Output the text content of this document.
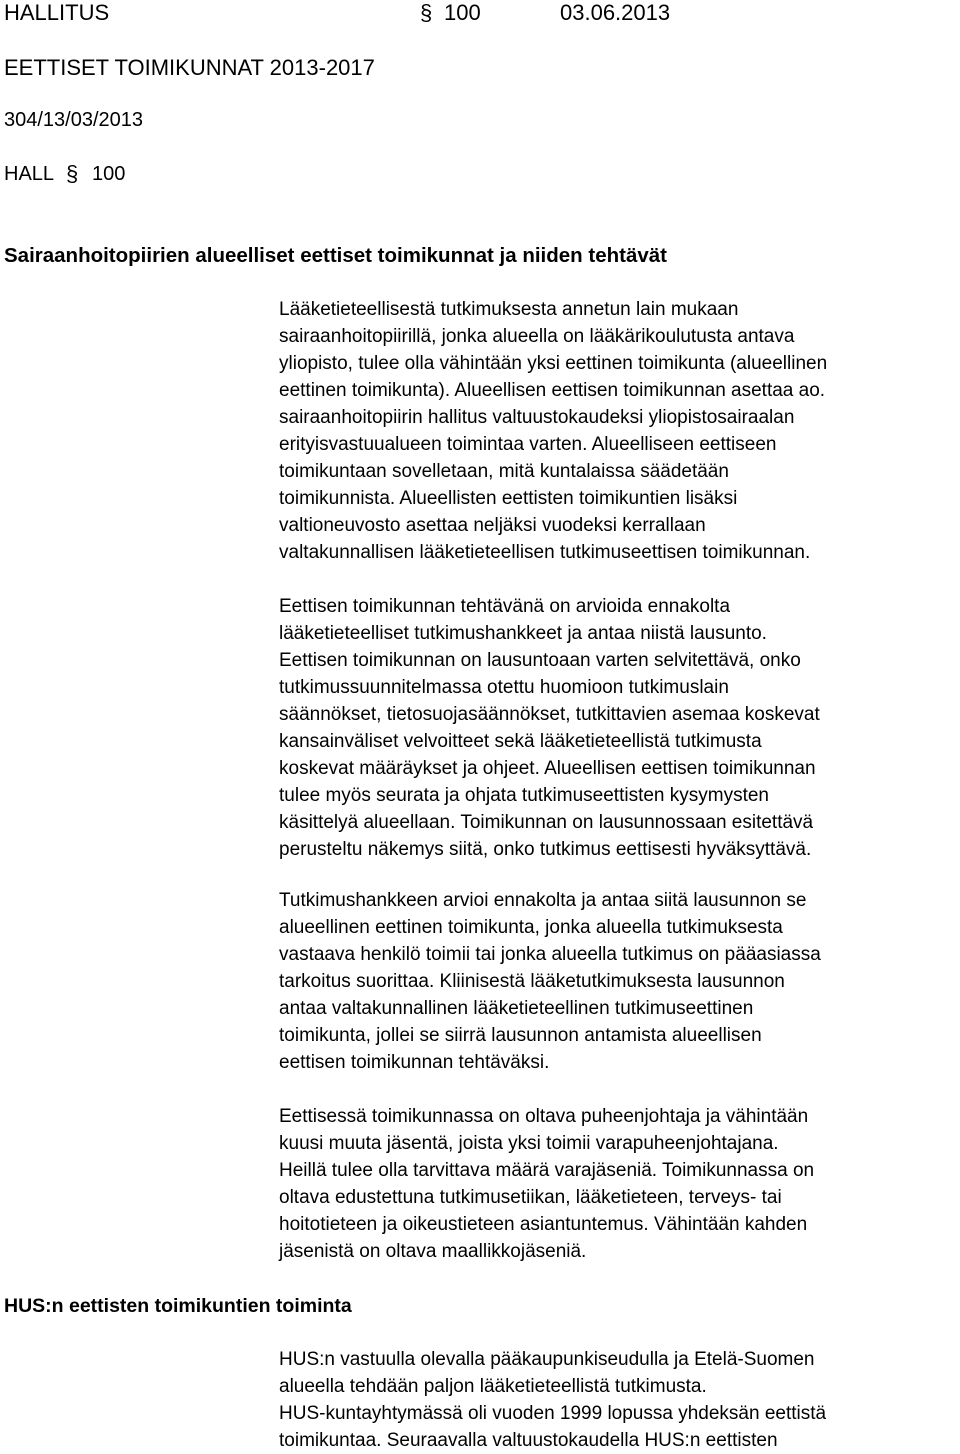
HALLITUS	§ 100	03.06.2013
EETTISET TOIMIKUNNAT 2013-2017
304/13/03/2013
HALL § 100
Sairaanhoitopiirien alueelliset eettiset toimikunnat ja niiden tehtävät

Lääketieteellisestä tutkimuksesta annetun lain mukaan
sairaanhoitopiirillä, jonka alueella on lääkärikoulutusta antava
yliopisto, tulee olla vähintään yksi eettinen toimikunta (alueellinen
eettinen toimikunta). Alueellisen eettisen toimikunnan asettaa ao.
sairaanhoitopiirin hallitus valtuustokaudeksi yliopistosairaalan
erityisvastuualueen toimintaa varten. Alueelliseen eettiseen
toimikuntaan sovelletaan, mitä kuntalaissa säädetään
toimikunnista. Alueellisten eettisten toimikuntien lisäksi
valtioneuvosto asettaa neljäksi vuodeksi kerrallaan
valtakunnallisen lääketieteellisen tutkimuseettisen toimikunnan.

Eettisen toimikunnan tehtävänä on arvioida ennakolta
lääketieteelliset tutkimushankkeet ja antaa niistä lausunto.
Eettisen toimikunnan on lausuntoaan varten selvitettävä, onko
tutkimussuunnitelmassa otettu huomioon tutkimuslain
säännökset, tietosuojasäännökset, tutkittavien asemaa koskevat
kansainväliset velvoitteet sekä lääketieteellistä tutkimusta
koskevat määräykset ja ohjeet. Alueellisen eettisen toimikunnan
tulee myös seurata ja ohjata tutkimuseettisten kysymysten
käsittelyä alueellaan. Toimikunnan on lausunnossaan esitettävä
perusteltu näkemys siitä, onko tutkimus eettisesti hyväksyttävä.

Tutkimushankkeen arvioi ennakolta ja antaa siitä lausunnon se
alueellinen eettinen toimikunta, jonka alueella tutkimuksesta
vastaava henkilö toimii tai jonka alueella tutkimus on pääasiassa
tarkoitus suorittaa. Kliinisestä lääketutkimuksesta lausunnon
antaa valtakunnallinen lääketieteellinen tutkimuseettinen
toimikunta, jollei se siirrä lausunnon antamista alueellisen
eettisen toimikunnan tehtäväksi.

Eettisessä toimikunnassa on oltava puheenjohtaja ja vähintään
kuusi muuta jäsentä, joista yksi toimii varapuheenjohtajana.
Heillä tulee olla tarvittava määrä varajäseniä. Toimikunnassa on
oltava edustettuna tutkimusetiikan, lääketieteen, terveys- tai
hoitotieteen ja oikeustieteen asiantuntemus. Vähintään kahden
jäsenistä on oltava maallikkojäseniä.

HUS:n eettisten toimikuntien toiminta

HUS:n vastuulla olevalla pääkaupunkiseudulla ja Etelä-Suomen
alueella tehdään paljon lääketieteellistä tutkimusta.
HUS-kuntayhtymässä oli vuoden 1999 lopussa yhdeksän eettistä
toimikuntaa. Seuraavalla valtuustokaudella HUS:n eettisten
